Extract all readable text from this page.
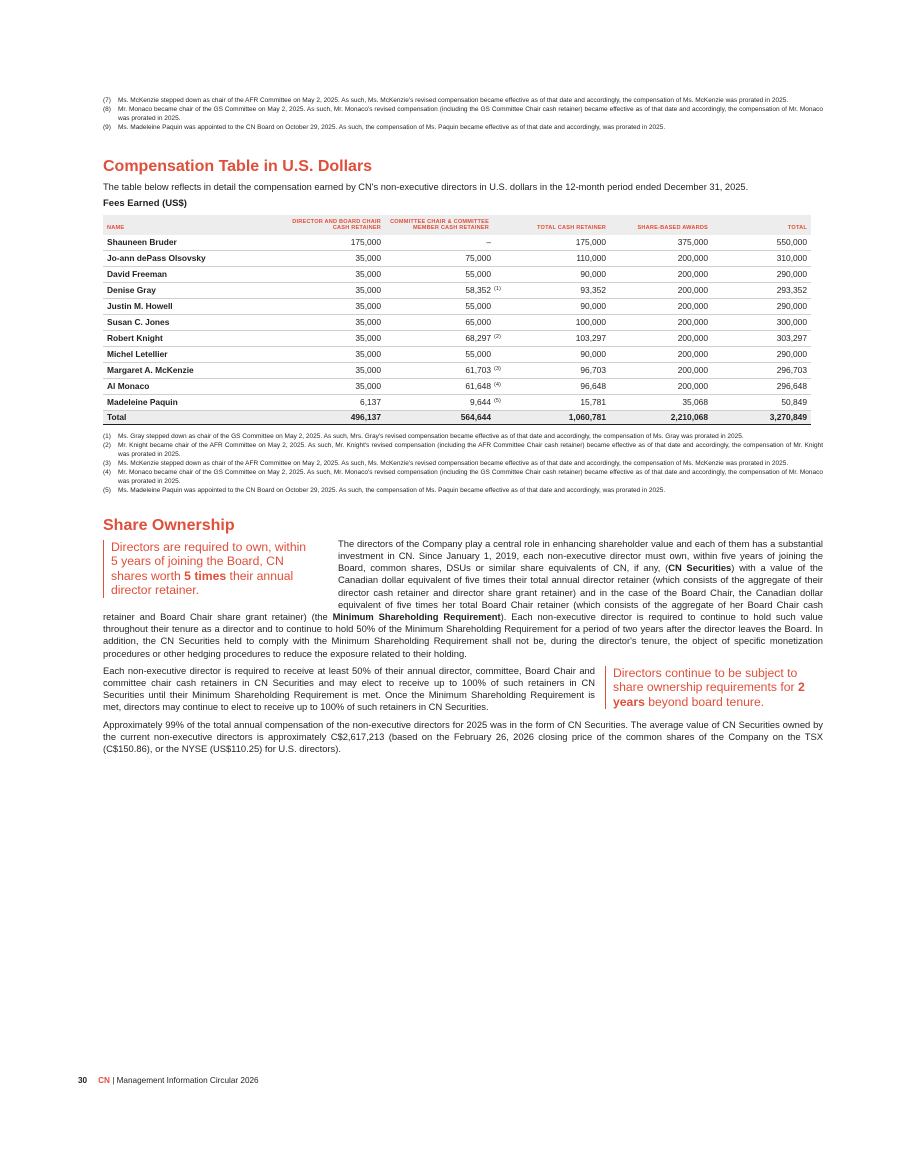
(7)	Ms. McKenzie stepped down as chair of the AFR Committee on May 2, 2025. As such, Ms. McKenzie's revised compensation became effective as of that date and accordingly, the compensation of Ms. McKenzie was prorated in 2025.
(8)	Mr. Monaco became chair of the GS Committee on May 2, 2025. As such, Mr. Monaco's revised compensation (including the GS Committee Chair cash retainer) became effective as of that date and accordingly, the compensation of Mr. Monaco was prorated in 2025.
(9)	Ms. Madeleine Paquin was appointed to the CN Board on October 29, 2025. As such, the compensation of Ms. Paquin became effective as of that date and accordingly, was prorated in 2025.
Compensation Table in U.S. Dollars

The table below reflects in detail the compensation earned by CN's non-executive directors in U.S. dollars in the 12-month period ended December 31, 2025.

Fees Earned (US$)

NAME	DIRECTOR AND BOARD CHAIR CASH RETAINER	COMMITTEE CHAIR & COMMITTEE MEMBER CASH RETAINER	TOTAL CASH RETAINER	SHARE-BASED AWARDS	TOTAL
Shauneen Bruder	175,000	–	175,000	375,000	550,000
Jo-ann dePass Olsovsky	35,000	75,000	110,000	200,000	310,000
David Freeman	35,000	55,000	90,000	200,000	290,000
Denise Gray	35,000	58,352 (1)	93,352	200,000	293,352
Justin M. Howell	35,000	55,000	90,000	200,000	290,000
Susan C. Jones	35,000	65,000	100,000	200,000	300,000
Robert Knight	35,000	68,297 (2)	103,297	200,000	303,297
Michel Letellier	35,000	55,000	90,000	200,000	290,000
Margaret A. McKenzie	35,000	61,703 (3)	96,703	200,000	296,703
Al Monaco	35,000	61,648 (4)	96,648	200,000	296,648
Madeleine Paquin	6,137	9,644 (5)	15,781	35,068	50,849
Total	496,137	564,644	1,060,781	2,210,068	3,270,849
(1)	Ms. Gray stepped down as chair of the GS Committee on May 2, 2025. As such, Mrs. Gray's revised compensation became effective as of that date and accordingly, the compensation of Ms. Gray was prorated in 2025.
(2)	Mr. Knight became chair of the AFR Committee on May 2, 2025. As such, Mr. Knight's revised compensation (including the AFR Committee Chair cash retainer) became effective as of that date and accordingly, the compensation of Mr. Knight was prorated in 2025.
(3)	Ms. McKenzie stepped down as chair of the AFR Committee on May 2, 2025. As such, Ms. McKenzie's revised compensation became effective as of that date and accordingly, the compensation of Ms. McKenzie was prorated in 2025.
(4)	Mr. Monaco became chair of the GS Committee on May 2, 2025. As such, Mr. Monaco's revised compensation (including the GS Committee Chair cash retainer) became effective as of that date and accordingly, the compensation of Mr. Monaco was prorated in 2025.
(5)	Ms. Madeleine Paquin was appointed to the CN Board on October 29, 2025. As such, the compensation of Ms. Paquin became effective as of that date and accordingly, was prorated in 2025.
Share Ownership
Directors are required to own, within 5 years of joining the Board, CN shares worth 5 times their annual director retainer.

The directors of the Company play a central role in enhancing shareholder value and each of them has a substantial investment in CN. Since January 1, 2019, each non-executive director must own, within five years of joining the Board, common shares, DSUs or similar share equivalents of CN, if any, (CN Securities) with a value of the Canadian dollar equivalent of five times their total annual director retainer (which consists of the aggregate of their director cash retainer and director share grant retainer) and in the case of the Board Chair, the Canadian dollar equivalent of five times her total Board Chair retainer (which consists of the aggregate of her Board Chair cash retainer and Board Chair share grant retainer) (the Minimum Shareholding Requirement). Each non-executive director is required to continue to hold such value throughout their tenure as a director and to continue to hold 50% of the Minimum Shareholding Requirement for a period of two years after the director leaves the Board. In addition, the CN Securities held to comply with the Minimum Shareholding Requirement shall not be, during the director's tenure, the object of specific monetization procedures or other hedging procedures to reduce the exposure related to their holding.

Directors continue to be subject to share ownership requirements for 2 years beyond board tenure.

Each non-executive director is required to receive at least 50% of their annual director, committee, Board Chair and committee chair cash retainers in CN Securities and may elect to receive up to 100% of such retainers in CN Securities until their Minimum Shareholding Requirement is met. Once the Minimum Shareholding Requirement is met, directors may continue to elect to receive up to 100% of such retainers in CN Securities.

Approximately 99% of the total annual compensation of the non-executive directors for 2025 was in the form of CN Securities. The average value of CN Securities owned by the current non-executive directors is approximately C$2,617,213 (based on the February 26, 2026 closing price of the common shares of the Company on the TSX (C$150.86), or the NYSE (US$110.25) for U.S. directors).

30 CN | Management Information Circular 2026
